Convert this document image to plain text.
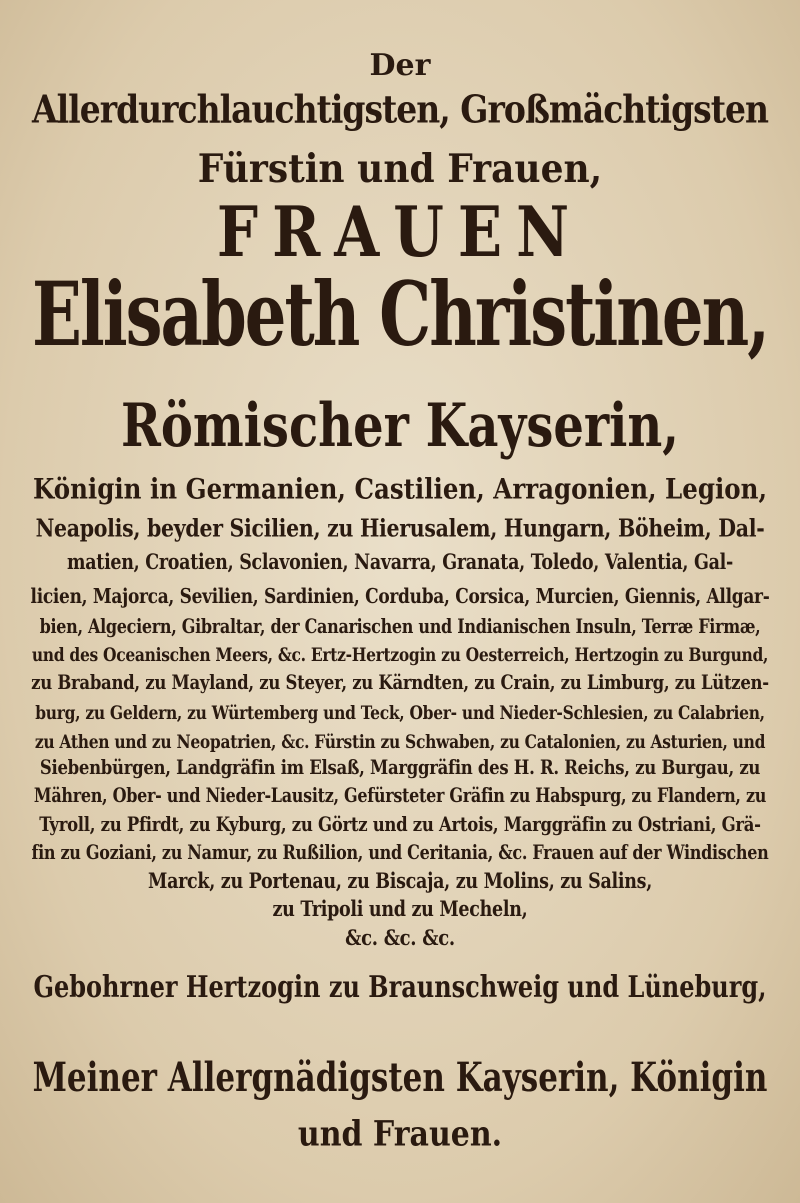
Der
Allerdurchlauchtigsten, Großmächtigsten
Fürstin und Frauen,
FRAUEN
Elisabeth Christinen,
Römischer Kayserin,
Königin in Germanien, Castilien, Arragonien, Legion,
Neapolis, beyder Sicilien, zu Hierusalem, Hungarn, Böheim, Dal-
matien, Croatien, Sclavonien, Navarra, Granata, Toledo, Valentia, Gal-
licien, Majorca, Sevilien, Sardinien, Corduba, Corsica, Murcien, Giennis, Allgar-
bien, Algeciern, Gibraltar, der Canarischen und Indianischen Insuln, Terræ Firmæ,
und des Oceanischen Meers, &c. Ertz-Hertzogin zu Oesterreich, Hertzogin zu Burgund,
zu Braband, zu Mayland, zu Steyer, zu Kärndten, zu Crain, zu Limburg, zu Lützen-
burg, zu Geldern, zu Würtemberg und Teck, Ober- und Nieder-Schlesien, zu Calabrien,
zu Athen und zu Neopatrien, &c. Fürstin zu Schwaben, zu Catalonien, zu Asturien, und
Siebenbürgen, Landgräfin im Elsaß, Marggräfin des H. R. Reichs, zu Burgau, zu
Mähren, Ober- und Nieder-Lausitz, Gefürsteter Gräfin zu Habspurg, zu Flandern, zu
Tyroll, zu Pfirdt, zu Kyburg, zu Görtz und zu Artois, Marggräfin zu Ostriani, Grä-
fin zu Goziani, zu Namur, zu Rußilion, und Ceritania, &c. Frauen auf der Windischen
Marck, zu Portenau, zu Biscaja, zu Molins, zu Salins,
zu Tripoli und zu Mecheln,
&c. &c. &c.
Gebohrner Hertzogin zu Braunschweig und Lüneburg,
Meiner Allergnädigsten Kayserin, Königin
und Frauen.
